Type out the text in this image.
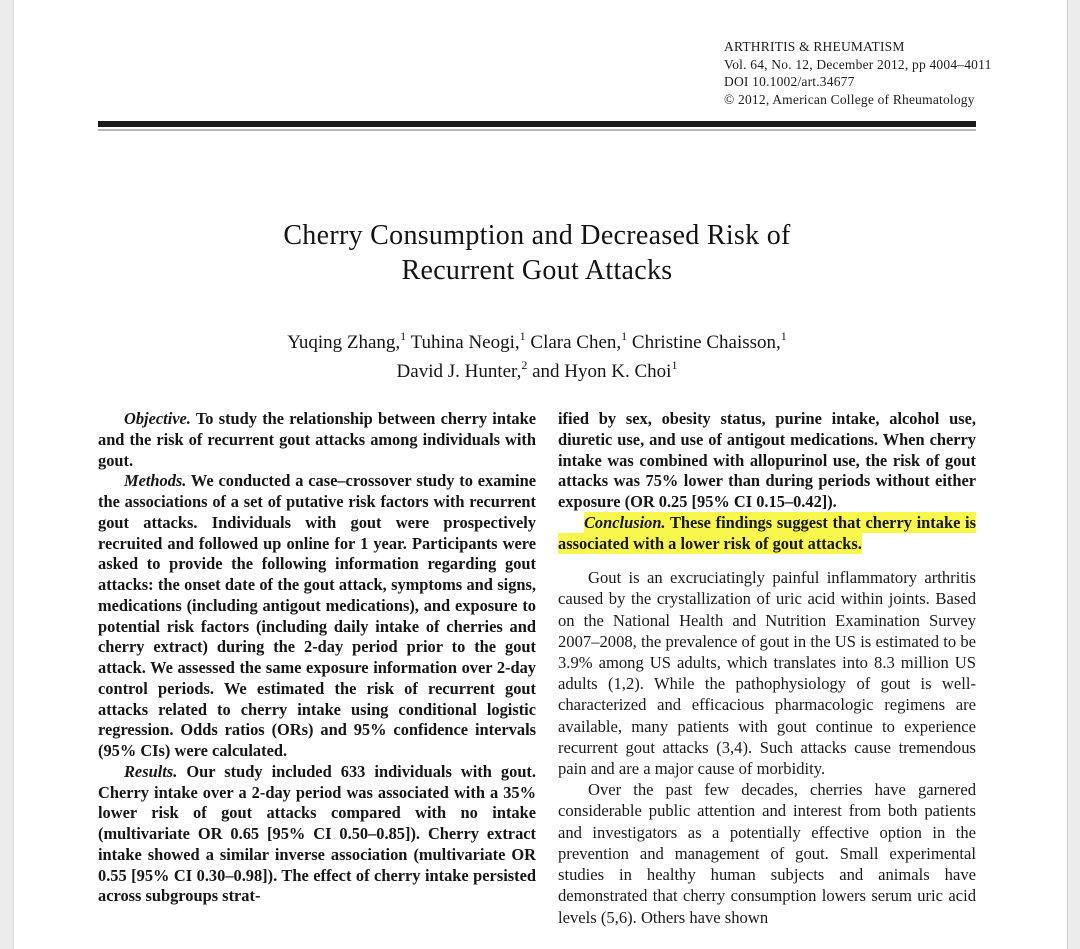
ARTHRITIS & RHEUMATISM
Vol. 64, No. 12, December 2012, pp 4004–4011
DOI 10.1002/art.34677
© 2012, American College of Rheumatology
Cherry Consumption and Decreased Risk of
Recurrent Gout Attacks
Yuqing Zhang,$^1$ Tuhina Neogi,$^1$ Clara Chen,$^1$ Christine Chaisson,$^1$
David J. Hunter,$^2$ and Hyon K. Choi$^1$

Objective. To study the relationship between cherry intake and the risk of recurrent gout attacks among individuals with gout.

Methods. We conducted a case–crossover study to examine the associations of a set of putative risk factors with recurrent gout attacks. Individuals with gout were prospectively recruited and followed up online for 1 year. Participants were asked to provide the following information regarding gout attacks: the onset date of the gout attack, symptoms and signs, medications (including antigout medications), and exposure to potential risk factors (including daily intake of cherries and cherry extract) during the 2-day period prior to the gout attack. We assessed the same exposure information over 2-day control periods. We estimated the risk of recurrent gout attacks related to cherry intake using conditional logistic regression. Odds ratios (ORs) and 95% confidence intervals (95% CIs) were calculated.

Results. Our study included 633 individuals with gout. Cherry intake over a 2-day period was associated with a 35% lower risk of gout attacks compared with no intake (multivariate OR 0.65 [95% CI 0.50–0.85]). Cherry extract intake showed a similar inverse association (multivariate OR 0.55 [95% CI 0.30–0.98]). The effect of cherry intake persisted across subgroups strat-

ified by sex, obesity status, purine intake, alcohol use, diuretic use, and use of antigout medications. When cherry intake was combined with allopurinol use, the risk of gout attacks was 75% lower than during periods without either exposure (OR 0.25 [95% CI 0.15–0.42]).

Conclusion. These findings suggest that cherry intake is associated with a lower risk of gout attacks.

Gout is an excruciatingly painful inflammatory arthritis caused by the crystallization of uric acid within joints. Based on the National Health and Nutrition Examination Survey 2007–2008, the prevalence of gout in the US is estimated to be 3.9% among US adults, which translates into 8.3 million US adults (1,2). While the pathophysiology of gout is well-characterized and efficacious pharmacologic regimens are available, many patients with gout continue to experience recurrent gout attacks (3,4). Such attacks cause tremendous pain and are a major cause of morbidity.

Over the past few decades, cherries have garnered considerable public attention and interest from both patients and investigators as a potentially effective option in the prevention and management of gout. Small experimental studies in healthy human subjects and animals have demonstrated that cherry consumption lowers serum uric acid levels (5,6). Others have shown
